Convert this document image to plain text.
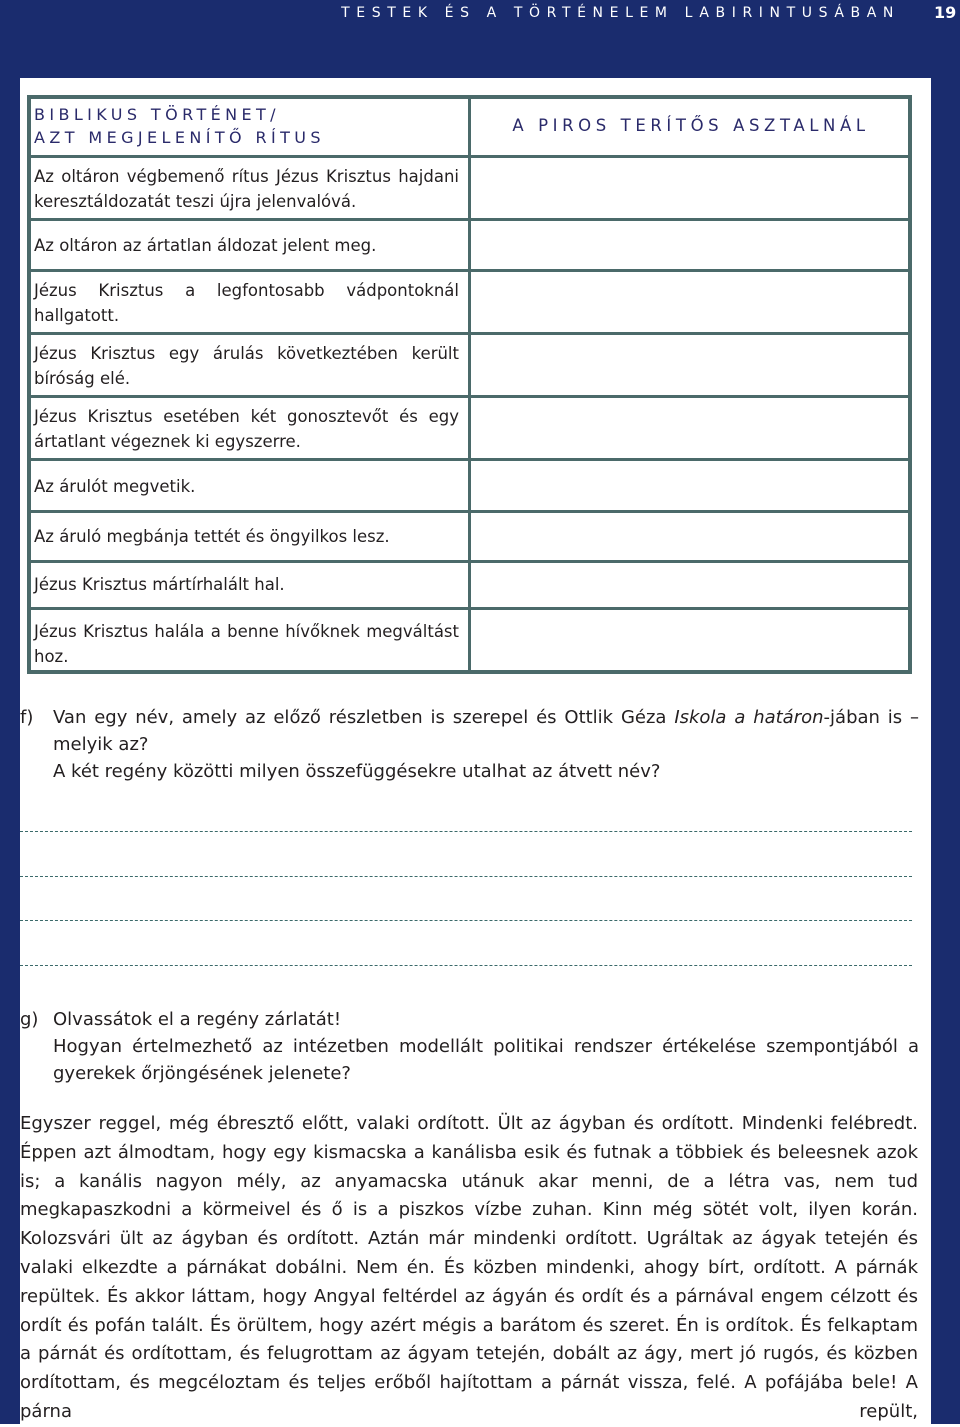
TESTEK ÉS A TÖRTÉNELEM LABIRINTUSÁBAN 19
BIBLIKUS TÖRTÉNET/
AZT MEGJELENÍTŐ RÍTUS
A PIROS TERÍTŐS ASZTALNÁL
Az oltáron végbemenő rítus Jézus Krisztus hajdani keresztáldozatát teszi újra jelenvalóvá.
Az oltáron az ártatlan áldozat jelent meg.
Jézus Krisztus a legfontosabb vádpontoknál hallgatott.
Jézus Krisztus egy árulás következtében került bíróság elé.
Jézus Krisztus esetében két gonosztevőt és egy ártatlant végeznek ki egyszerre.
Az árulót megvetik.
Az áruló megbánja tettét és öngyilkos lesz.
Jézus Krisztus mártírhalált hal.
Jézus Krisztus halála a benne hívőknek megváltást hoz.
f) Van egy név, amely az előző részletben is szerepel és Ottlik Géza Iskola a határon-jában is – melyik az?
A két regény közötti milyen összefüggésekre utalhat az átvett név?
g) Olvassátok el a regény zárlatát!
Hogyan értelmezhető az intézetben modellált politikai rendszer értékelése szempontjából a gyerekek őrjöngésének jelenete?
Egyszer reggel, még ébresztő előtt, valaki ordított. Ült az ágyban és ordított. Mindenki felébredt. Éppen azt álmodtam, hogy egy kismacska a kanálisba esik és futnak a többiek és beleesnek azok is; a kanális nagyon mély, az anyamacska utánuk akar menni, de a létra vas, nem tud megkapaszkodni a körmeivel és ő is a piszkos vízbe zuhan. Kinn még sötét volt, ilyen korán. Kolozsvári ült az ágyban és ordított. Aztán már mindenki ordított. Ugráltak az ágyak tetején és valaki elkezdte a párnákat dobálni. Nem én. És közben mindenki, ahogy bírt, ordított. A párnák repültek. És akkor láttam, hogy Angyal feltérdel az ágyán és ordít és a párnával engem célzott és ordít és pofán talált. És örültem, hogy azért mégis a barátom és szeret. Én is ordítok. És felkaptam a párnát és ordítottam, és felugrottam az ágyam tetején, dobált az ágy, mert jó rugós, és közben ordítottam, és megcéloztam és teljes erőből hajítottam a párnát vissza, felé. A pofájába bele! A párna repült,
